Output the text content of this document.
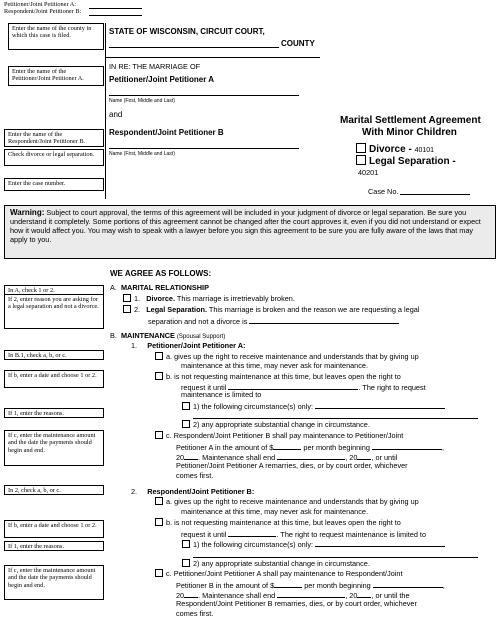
Petitioner/Joint Petitioner A:
Respondent/Joint Petitioner B:
Enter the name of the county in which this case is filed.
Enter the name of the Petitioner/Joint Petitioner A.
Enter the name of the Respondent/Joint Petitioner B.
Check divorce or legal separation.
Enter the case number.
STATE OF WISCONSIN, CIRCUIT COURT,
COUNTY
IN RE: THE MARRIAGE OF
Petitioner/Joint Petitioner A
Name (First, Middle and Last)
and
Respondent/Joint Petitioner B
Name (First, Middle and Last)
Marital Settlement Agreement
With Minor Children
Divorce - 40101
Legal Separation -
40201
Case No.
Warning: Subject to court approval, the terms of this agreement will be included in your judgment of divorce or legal separation. Be sure you understand it completely. Some portions of this agreement cannot be changed after the court approves it, even if you did not understand or expect how it would affect you. You may wish to speak with a lawyer before you sign this agreement to be sure you are fully aware of the laws that may apply to you.
WE AGREE AS FOLLOWS:
In A, check 1 or 2.
If 2, enter reason you are asking for a legal separation and not a divorce.
A. MARITAL RELATIONSHIP
1. Divorce. This marriage is irretrievably broken.
2. Legal Separation. This marriage is broken and the reason we are requesting a legal
separation and not a divorce is
B. MAINTENANCE (Spousal Support)
1. Petitioner/Joint Petitioner A:
In B.1, check a, b, or c.
If b, enter a date and choose 1 or 2.
If 1, enter the reasons.
If c, enter the maintenance amount and the date the payments should begin and end.
a. gives up the right to receive maintenance and understands that by giving up
maintenance at this time, may never ask for maintenance.
b. is not requesting maintenance at this time, but leaves open the right to
request it until	. The right to request
maintenance is limited to
1) the following circumstance(s) only:
2) any appropriate substantial change in circumstance.
c. Respondent/Joint Petitioner B shall pay maintenance to Petitioner/Joint
Petitioner A in the amount of $	per month beginning	,
20 . Maintenance shall end	, 20 , or until
Petitioner/Joint Petitioner A remarries, dies, or by court order, whichever
comes first.
2. Respondent/Joint Petitioner B:
In 2, check a, b, or c.
If b, enter a date and choose 1 or 2.
If 1, enter the reasons.
If c, enter the maintenance amount and the date the payments should begin and end.
a. gives up the right to receive maintenance and understands that by giving up
maintenance at this time, may never ask for maintenance.
b. is not requesting maintenance at this time, but leaves open the right to
request it until	. The right to request maintenance is limited to
1) the following circumstance(s) only:
2) any appropriate substantial change in circumstance.
c. Petitioner/Joint Petitioner A shall pay maintenance to Respondent/Joint
Petitioner B in the amount of $	per month beginning	,
20 . Maintenance shall end	, 20 , or until the
Respondent/Joint Petitioner B remarries, dies, or by court order, whichever
comes first.
